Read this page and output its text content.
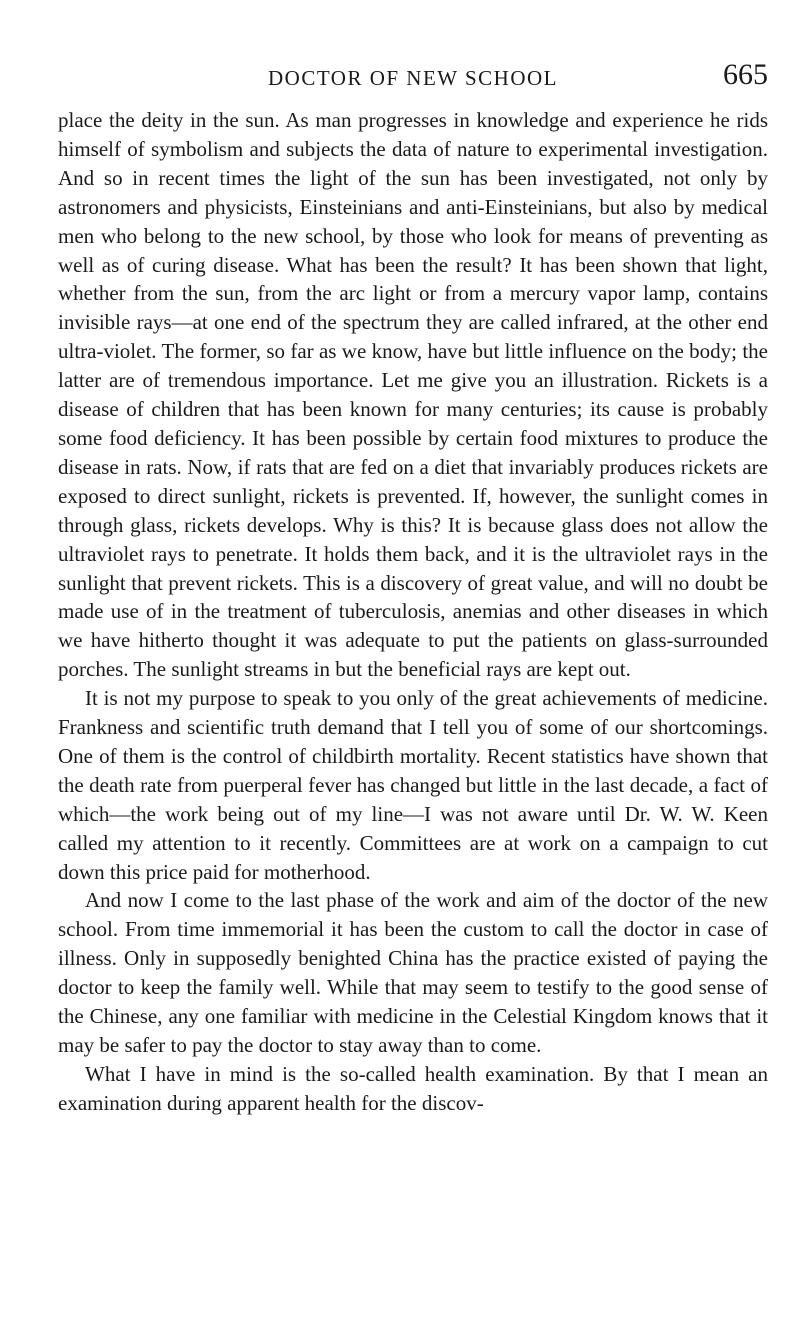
DOCTOR OF NEW SCHOOL	665

place the deity in the sun. As man progresses in knowledge and experience he rids himself of symbolism and subjects the data of nature to experimental investigation. And so in recent times the light of the sun has been investigated, not only by astronomers and physicists, Einsteinians and anti-Einsteinians, but also by medical men who belong to the new school, by those who look for means of preventing as well as of curing disease. What has been the result? It has been shown that light, whether from the sun, from the arc light or from a mercury vapor lamp, contains invisible rays—at one end of the spectrum they are called infrared, at the other end ultra-violet. The former, so far as we know, have but little influence on the body; the latter are of tremendous importance. Let me give you an illustration. Rickets is a disease of children that has been known for many centuries; its cause is probably some food deficiency. It has been possible by certain food mixtures to produce the disease in rats. Now, if rats that are fed on a diet that invariably produces rickets are exposed to direct sunlight, rickets is prevented. If, however, the sunlight comes in through glass, rickets develops. Why is this? It is because glass does not allow the ultraviolet rays to penetrate. It holds them back, and it is the ultraviolet rays in the sunlight that prevent rickets. This is a discovery of great value, and will no doubt be made use of in the treatment of tuberculosis, anemias and other diseases in which we have hitherto thought it was adequate to put the patients on glass-surrounded porches. The sunlight streams in but the beneficial rays are kept out.

It is not my purpose to speak to you only of the great achievements of medicine. Frankness and scientific truth demand that I tell you of some of our shortcomings. One of them is the control of childbirth mortality. Recent statistics have shown that the death rate from puerperal fever has changed but little in the last decade, a fact of which—the work being out of my line—I was not aware until Dr. W. W. Keen called my attention to it recently. Committees are at work on a campaign to cut down this price paid for motherhood.

And now I come to the last phase of the work and aim of the doctor of the new school. From time immemorial it has been the custom to call the doctor in case of illness. Only in supposedly benighted China has the practice existed of paying the doctor to keep the family well. While that may seem to testify to the good sense of the Chinese, any one familiar with medicine in the Celestial Kingdom knows that it may be safer to pay the doctor to stay away than to come.

What I have in mind is the so-called health examination. By that I mean an examination during apparent health for the discov-
